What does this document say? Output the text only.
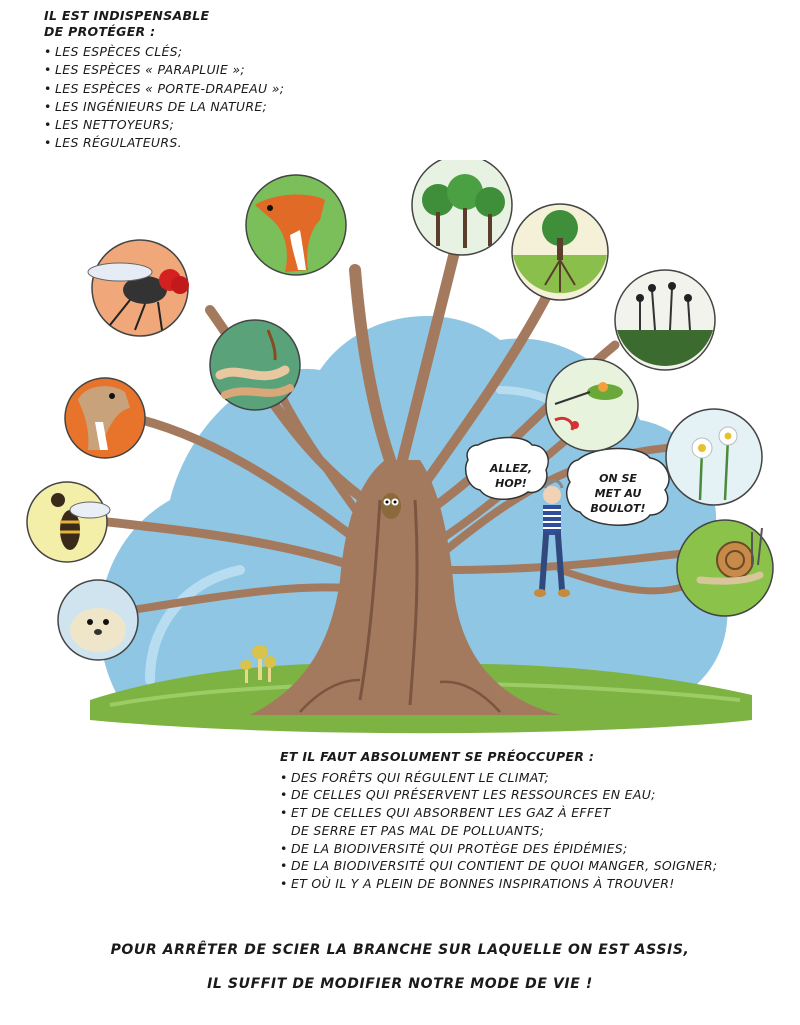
IL EST INDISPENSABLE
DE PROTÉGER :
• LES ESPÈCES CLÉS;
• LES ESPÈCES « PARAPLUIE »;
• LES ESPÈCES « PORTE-DRAPEAU »;
• LES INGÉNIEURS DE LA NATURE;
• LES NETTOYEURS;
• LES RÉGULATEURS.
ALLEZ,
HOP!	ON SE
MET AU
BOULOT!
ET IL FAUT ABSOLUMENT SE PRÉOCCUPER :
• DES FORÊTS QUI RÉGULENT LE CLIMAT;
• DE CELLES QUI PRÉSERVENT LES RESSOURCES EN EAU;
• ET DE CELLES QUI ABSORBENT LES GAZ À EFFET
DE SERRE ET PAS MAL DE POLLUANTS;
• DE LA BIODIVERSITÉ QUI PROTÈGE DES ÉPIDÉMIES;
• DE LA BIODIVERSITÉ QUI CONTIENT DE QUOI MANGER, SOIGNER;
• ET OÙ IL Y A PLEIN DE BONNES INSPIRATIONS À TROUVER!
POUR ARRÊTER DE SCIER LA BRANCHE SUR LAQUELLE ON EST ASSIS,
IL SUFFIT DE MODIFIER NOTRE MODE DE VIE !
